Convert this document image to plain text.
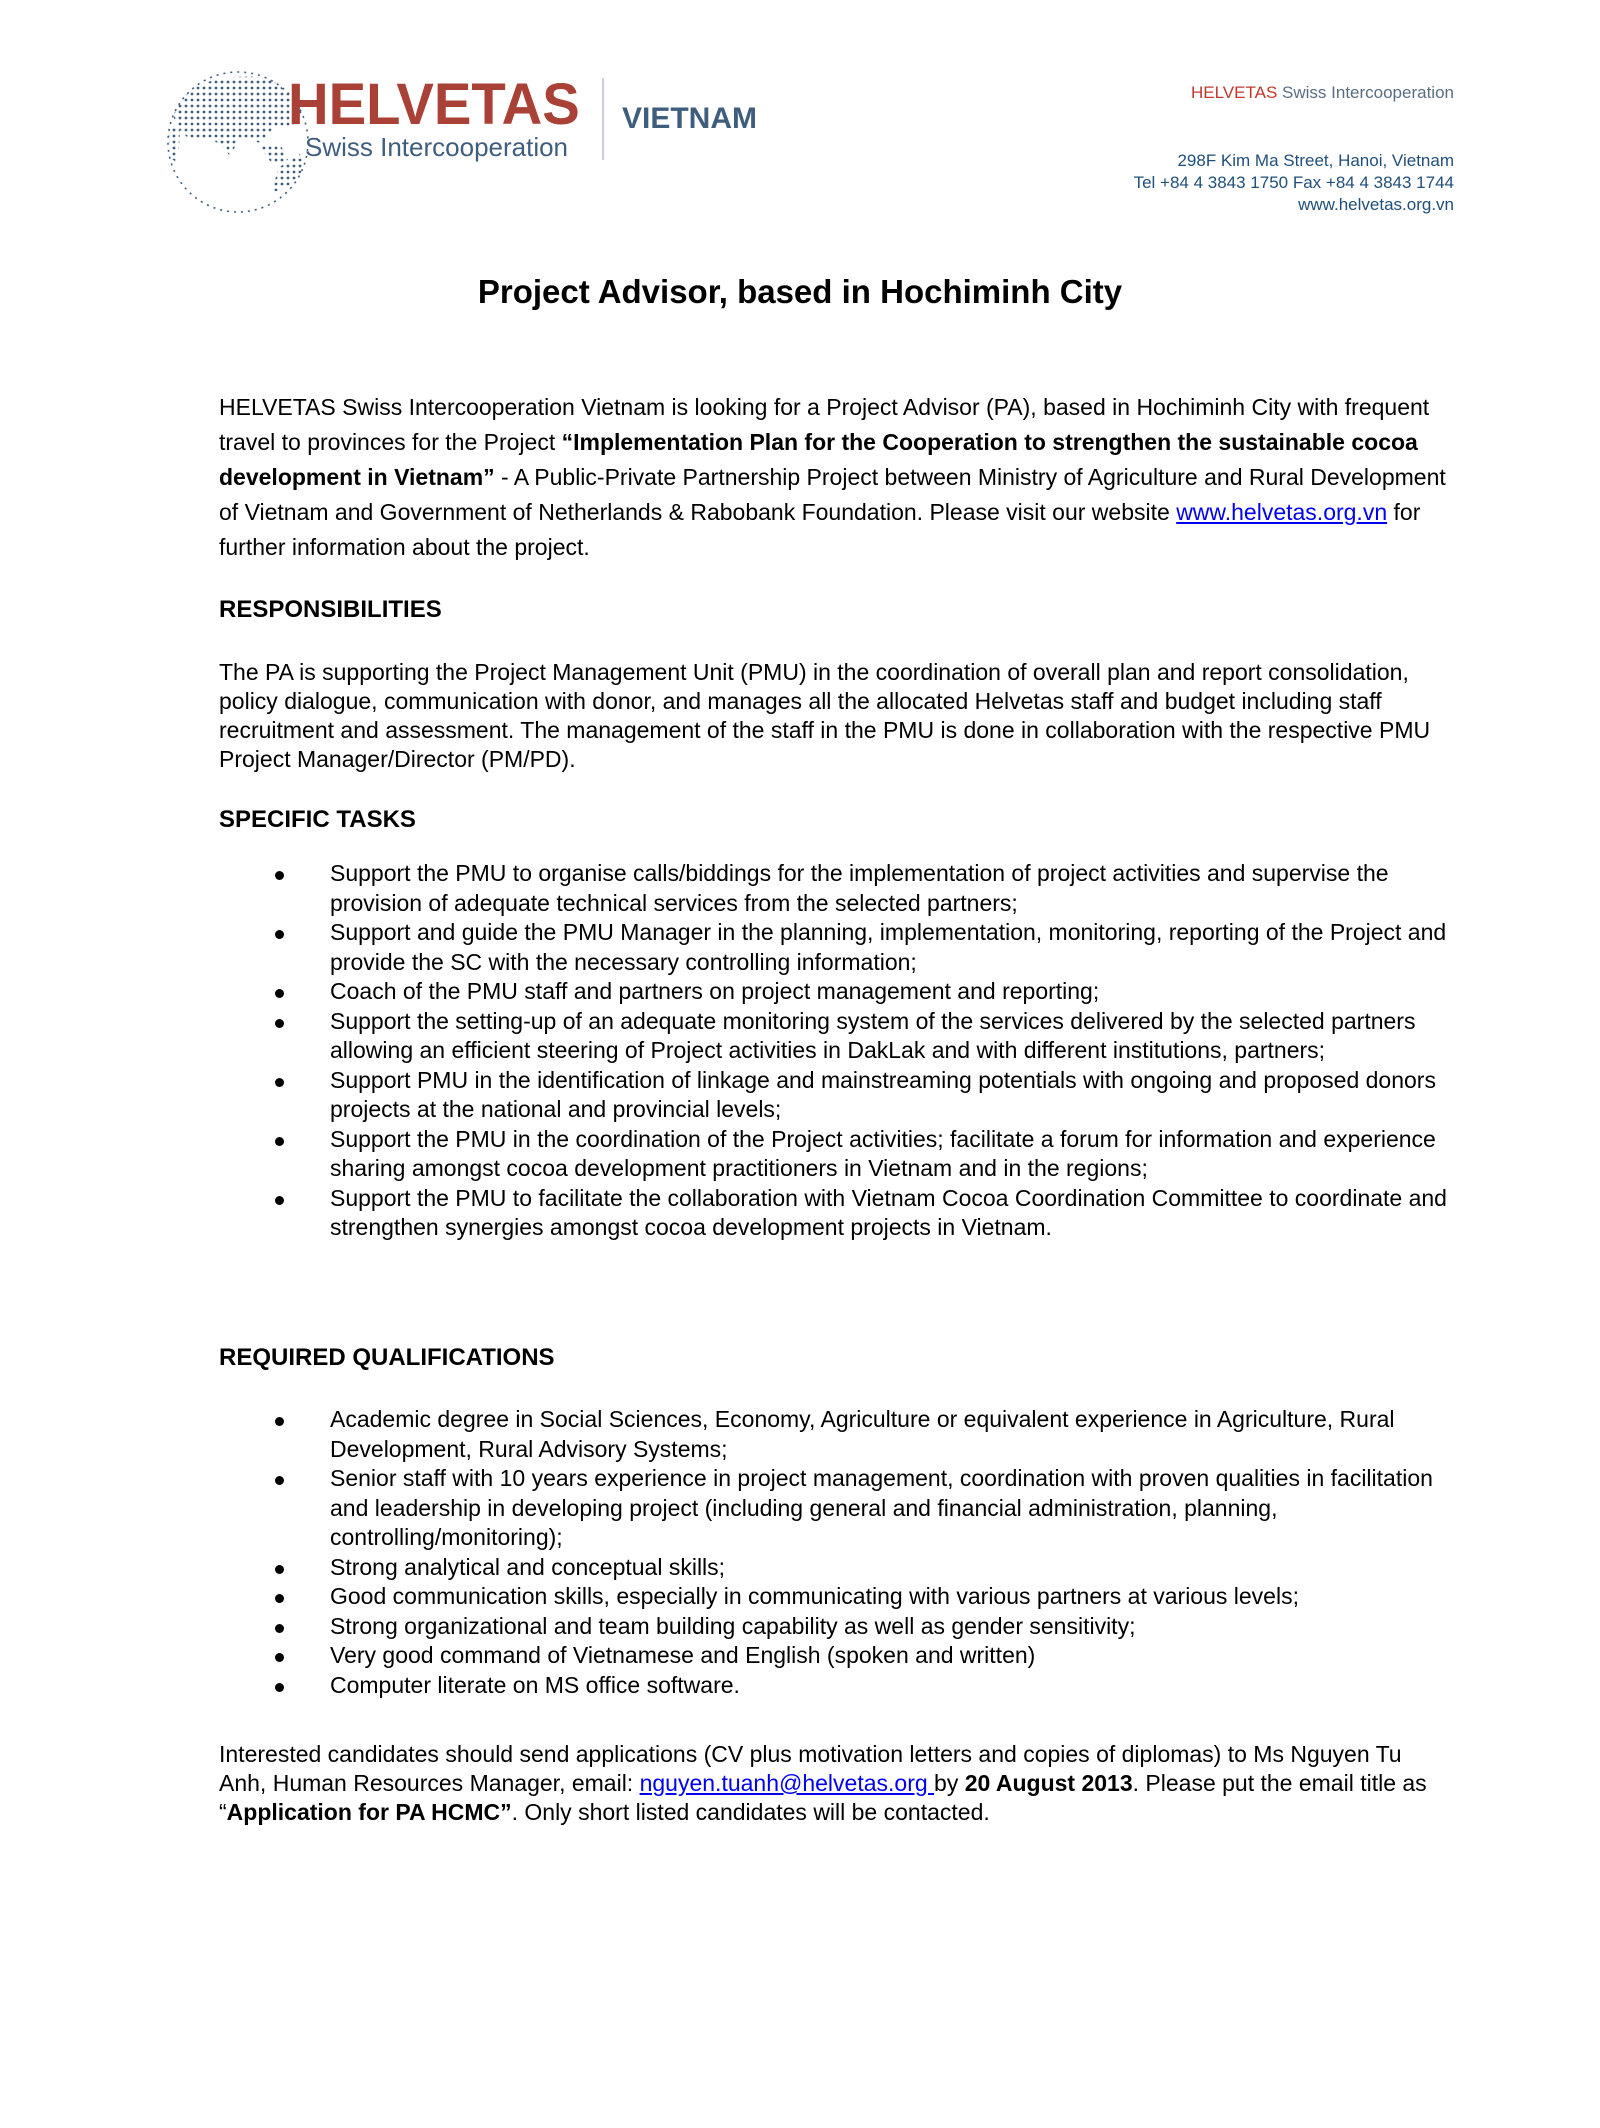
HELVETAS
Swiss Intercooperation
VIETNAM
HELVETAS Swiss Intercooperation
298F Kim Ma Street, Hanoi, Vietnam
Tel +84 4 3843 1750 Fax +84 4 3843 1744
www.helvetas.org.vn
Project Advisor, based in Hochiminh City
HELVETAS Swiss Intercooperation Vietnam is looking for a Project Advisor (PA), based in Hochiminh City with frequent travel to provinces for the Project “Implementation Plan for the Cooperation to strengthen the sustainable cocoa development in Vietnam” - A Public-Private Partnership Project between Ministry of Agriculture and Rural Development of Vietnam and Government of Netherlands & Rabobank Foundation. Please visit our website www.helvetas.org.vn for further information about the project.
RESPONSIBILITIES

The PA is supporting the Project Management Unit (PMU) in the coordination of overall plan and report consolidation, policy dialogue, communication with donor, and manages all the allocated Helvetas staff and budget including staff recruitment and assessment. The management of the staff in the PMU is done in collaboration with the respective PMU Project Manager/Director (PM/PD).

SPECIFIC TASKS
Support the PMU to organise calls/biddings for the implementation of project activities and supervise the provision of adequate technical services from the selected partners;
Support and guide the PMU Manager in the planning, implementation, monitoring, reporting of the Project and provide the SC with the necessary controlling information;
Coach of the PMU staff and partners on project management and reporting;
Support the setting-up of an adequate monitoring system of the services delivered by the selected partners allowing an efficient steering of Project activities in DakLak and with different institutions, partners;
Support PMU in the identification of linkage and mainstreaming potentials with ongoing and proposed donors projects at the national and provincial levels;
Support the PMU in the coordination of the Project activities; facilitate a forum for information and experience sharing amongst cocoa development practitioners in Vietnam and in the regions;
Support the PMU to facilitate the collaboration with Vietnam Cocoa Coordination Committee to coordinate and strengthen synergies amongst cocoa development projects in Vietnam.
REQUIRED QUALIFICATIONS
Academic degree in Social Sciences, Economy, Agriculture or equivalent experience in Agriculture, Rural Development, Rural Advisory Systems;
Senior staff with 10 years experience in project management, coordination with proven qualities in facilitation and leadership in developing project (including general and financial administration, planning, controlling/monitoring);
Strong analytical and conceptual skills;
Good communication skills, especially in communicating with various partners at various levels;
Strong organizational and team building capability as well as gender sensitivity;
Very good command of Vietnamese and English (spoken and written)
Computer literate on MS office software.

Interested candidates should send applications (CV plus motivation letters and copies of diplomas) to Ms Nguyen Tu Anh, Human Resources Manager, email: nguyen.tuanh@helvetas.org by 20 August 2013. Please put the email title as “Application for PA HCMC”. Only short listed candidates will be contacted.
